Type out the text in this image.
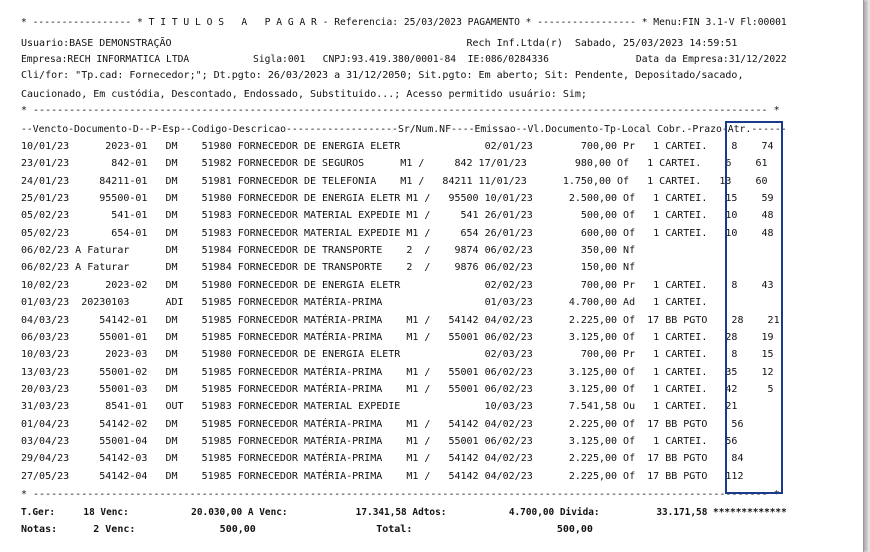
* ----------------- * T I T U L O S   A   P A G A R - Referencia: 25/03/2023 PAGAMENTO * ----------------- * Menu:FIN 3.1-V Fl:00001
Usuario:BASE DEMONSTRAÇÃO                                                 Rech Inf.Ltda(r)  Sabado, 25/03/2023 14:59:51
Empresa:RECH INFORMATICA LTDA           Sigla:001   CNPJ:93.419.380/0001-84  IE:086/0284336               Data da Empresa:31/12/2022
Cli/for: "Tp.cad: Fornecedor;"; Dt.pgto: 26/03/2023 a 31/12/2050; Sit.pgto: Em aberto; Sit: Pendente, Depositado/sacado,
Caucionado, Em custódia, Descontado, Endossado, Substituido...; Acesso permitido usuário: Sim;
* -------------------------------------------------------------------------------------------------------------------------- *
--Vencto-Documento-D--P-Esp--Codigo-Descricao-------------------Sr/Num.NF----Emissao--Vl.Documento-Tp-Local Cobr.-Prazo-Atr.------
10/01/23      2023-01   DM    51980 FORNECEDOR DE ENERGIA ELETR              02/01/23        700,00 Pr   1 CARTEI.    8    74
23/01/23       842-01   DM    51982 FORNECEDOR DE SEGUROS      M1 /     842 17/01/23        980,00 Of   1 CARTEI.    6    61
24/01/23     84211-01   DM    51981 FORNECEDOR DE TELEFONIA    M1 /   84211 11/01/23      1.750,00 Of   1 CARTEI.   13    60
25/01/23     95500-01   DM    51980 FORNECEDOR DE ENERGIA ELETR M1 /   95500 10/01/23      2.500,00 Of   1 CARTEI.   15    59
05/02/23       541-01   DM    51983 FORNECEDOR MATERIAL EXPEDIE M1 /     541 26/01/23        500,00 Of   1 CARTEI.   10    48
05/02/23       654-01   DM    51983 FORNECEDOR MATERIAL EXPEDIE M1 /     654 26/01/23        600,00 Of   1 CARTEI.   10    48
06/02/23 A Faturar      DM    51984 FORNECEDOR DE TRANSPORTE    2  /    9874 06/02/23        350,00 Nf
06/02/23 A Faturar      DM    51984 FORNECEDOR DE TRANSPORTE    2  /    9876 06/02/23        150,00 Nf
10/02/23      2023-02   DM    51980 FORNECEDOR DE ENERGIA ELETR              02/02/23        700,00 Pr   1 CARTEI.    8    43
01/03/23  20230103      ADI   51985 FORNECEDOR MATÉRIA-PRIMA                 01/03/23      4.700,00 Ad   1 CARTEI.
04/03/23     54142-01   DM    51985 FORNECEDOR MATÉRIA-PRIMA    M1 /   54142 04/02/23      2.225,00 Of  17 BB PGTO    28    21
06/03/23     55001-01   DM    51985 FORNECEDOR MATÉRIA-PRIMA    M1 /   55001 06/02/23      3.125,00 Of   1 CARTEI.   28    19
10/03/23      2023-03   DM    51980 FORNECEDOR DE ENERGIA ELETR              02/03/23        700,00 Pr   1 CARTEI.    8    15
13/03/23     55001-02   DM    51985 FORNECEDOR MATÉRIA-PRIMA    M1 /   55001 06/02/23      3.125,00 Of   1 CARTEI.   35    12
20/03/23     55001-03   DM    51985 FORNECEDOR MATÉRIA-PRIMA    M1 /   55001 06/02/23      3.125,00 Of   1 CARTEI.   42     5
31/03/23      8541-01   OUT   51983 FORNECEDOR MATERIAL EXPEDIE              10/03/23      7.541,58 Ou   1 CARTEI.   21
01/04/23     54142-02   DM    51985 FORNECEDOR MATÉRIA-PRIMA    M1 /   54142 04/02/23      2.225,00 Of  17 BB PGTO    56
03/04/23     55001-04   DM    51985 FORNECEDOR MATÉRIA-PRIMA    M1 /   55001 06/02/23      3.125,00 Of   1 CARTEI.   56
29/04/23     54142-03   DM    51985 FORNECEDOR MATÉRIA-PRIMA    M1 /   54142 04/02/23      2.225,00 Of  17 BB PGTO    84
27/05/23     54142-04   DM    51985 FORNECEDOR MATÉRIA-PRIMA    M1 /   54142 04/02/23      2.225,00 Of  17 BB PGTO   112
* -------------------------------------------------------------------------------------------------------------------------- *
T.Ger:     18 Venc:           20.030,00 A Venc:            17.341,58 Adtos:           4.700,00 Divida:          33.171,58 *************
Notas:      2 Venc:              500,00                    Total:                        500,00
